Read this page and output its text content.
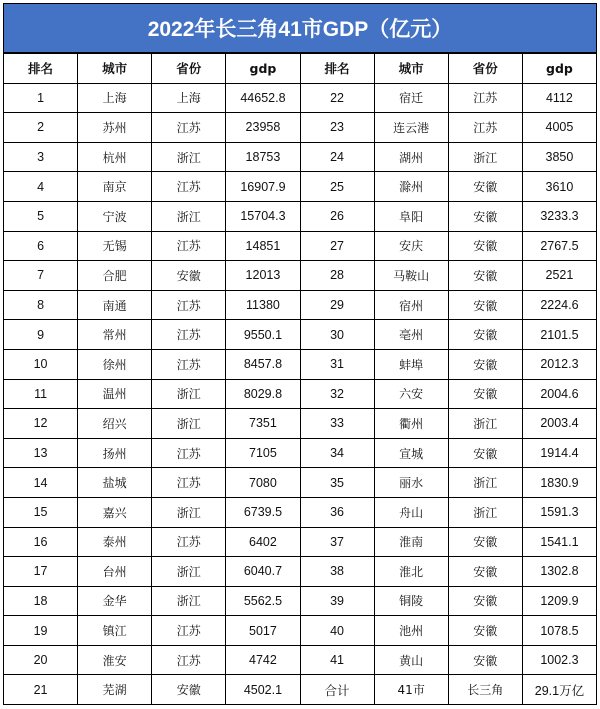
2022年长三角41市GDP（亿元）
排名	城市	省份	gdp	排名	城市	省份	gdp
1	上海	上海	44652.8	22	宿迁	江苏	4112
2	苏州	江苏	23958	23	连云港	江苏	4005
3	杭州	浙江	18753	24	湖州	浙江	3850
4	南京	江苏	16907.9	25	滁州	安徽	3610
5	宁波	浙江	15704.3	26	阜阳	安徽	3233.3
6	无锡	江苏	14851	27	安庆	安徽	2767.5
7	合肥	安徽	12013	28	马鞍山	安徽	2521
8	南通	江苏	11380	29	宿州	安徽	2224.6
9	常州	江苏	9550.1	30	亳州	安徽	2101.5
10	徐州	江苏	8457.8	31	蚌埠	安徽	2012.3
11	温州	浙江	8029.8	32	六安	安徽	2004.6
12	绍兴	浙江	7351	33	衢州	浙江	2003.4
13	扬州	江苏	7105	34	宣城	安徽	1914.4
14	盐城	江苏	7080	35	丽水	浙江	1830.9
15	嘉兴	浙江	6739.5	36	舟山	浙江	1591.3
16	泰州	江苏	6402	37	淮南	安徽	1541.1
17	台州	浙江	6040.7	38	淮北	安徽	1302.8
18	金华	浙江	5562.5	39	铜陵	安徽	1209.9
19	镇江	江苏	5017	40	池州	安徽	1078.5
20	淮安	江苏	4742	41	黄山	安徽	1002.3
21	芜湖	安徽	4502.1	合计	41市	长三角	29.1万亿
